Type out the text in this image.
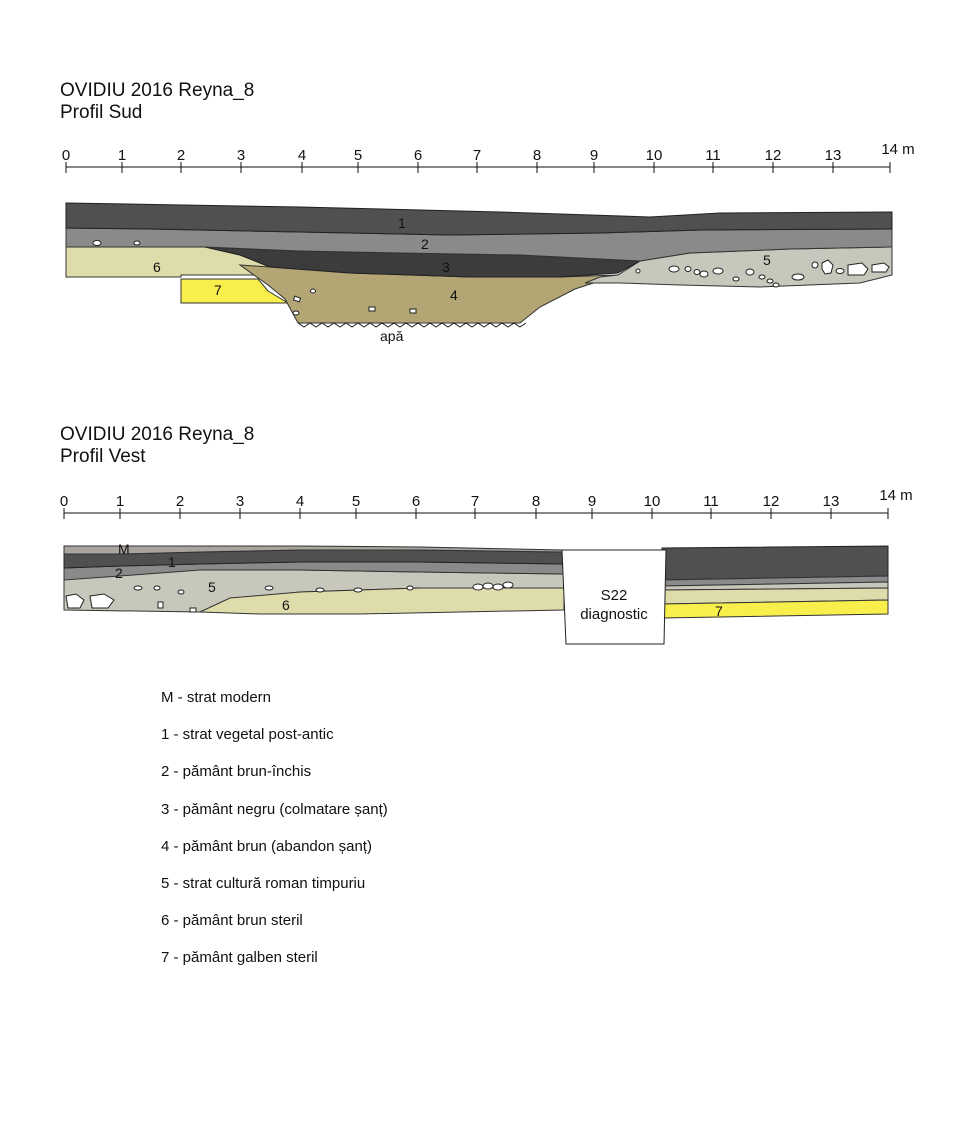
OVIDIU 2016 Reyna_8
Profil Sud
0	1	2	3	4	5	6	7	8	9	10	11	12	13	14 m
1
2
3
4
5
6
7
apă
OVIDIU 2016 Reyna_8
Profil Vest
0	1	2	3	4	5	6	7	8	9	10	11	12	13	14 m
M
1
2
5
6	7
S22
diagnostic
M - strat modern
1 - strat vegetal post-antic
2 - pământ brun-închis
3 - pământ negru (colmatare șanț)
4 - pământ brun (abandon șanț)
5 - strat cultură roman timpuriu
6 - pământ brun steril
7 - pământ galben steril
